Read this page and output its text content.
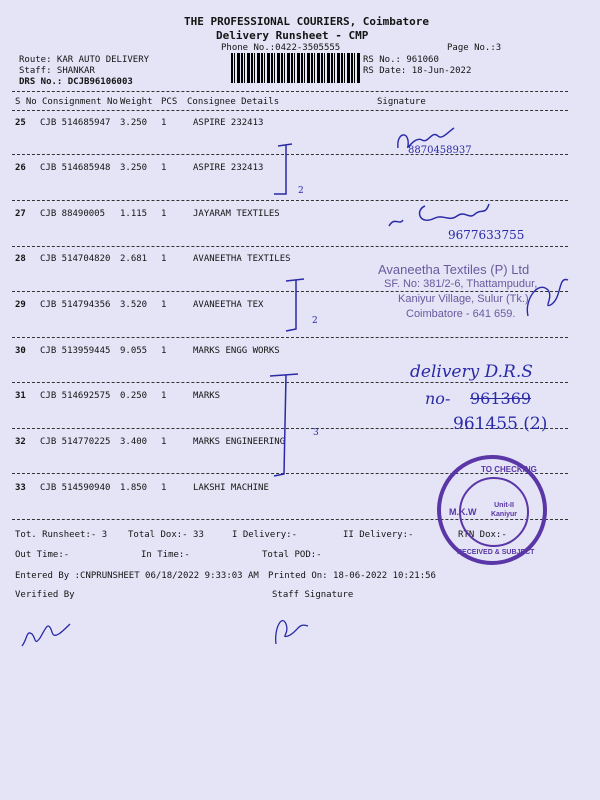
THE PROFESSIONAL COURIERS, Coimbatore
Delivery Runsheet - CMP
Phone No.:0422-3505555	Page No.:3
Route: KAR AUTO DELIVERY
Staff: SHANKAR
DRS No.: DCJB96106003
RS No.: 961060
RS Date: 18-Jun-2022
S No Consignment No Weight PCS Consignee Details	Signature
25 CJB 514685947 3.250 1	ASPIRE 232413
26 CJB 514685948 3.250 1	ASPIRE 232413
27 CJB 88490005 1.115 1	JAYARAM TEXTILES
28 CJB 514704820 2.681 1	AVANEETHA TEXTILES
29 CJB 514794356 3.520 1	AVANEETHA TEX
30 CJB 513959445 9.055 1	MARKS ENGG WORKS
31 CJB 514692575 0.250 1	MARKS
32 CJB 514770225 3.400 1	MARKS ENGINEERING
33 CJB 514590940 1.850 1	LAKSHI MACHINE
Tot. Runsheet:- 3 Total Dox:- 33	I Delivery:-	II Delivery:-	RTN Dox:-
Out Time:-	In Time:-	Total POD:-
Entered By :CNPRUNSHEET 06/18/2022 9:33:03 AM Printed On: 18-06-2022 10:21:56
Verified By	Staff Signature
8870458937
2
9677633755
2
Avaneetha Textiles (P) Ltd
SF. No: 381/2-6, Thattampudur,
Kaniyur Village, Sulur (Tk.)
Coimbatore - 641 659.
3
delivery D.R.S
no- 961369
961455 (2)
TO CHECKING
RECEIVED & SUBJECT
M.K.W
Unit-II Kaniyur
